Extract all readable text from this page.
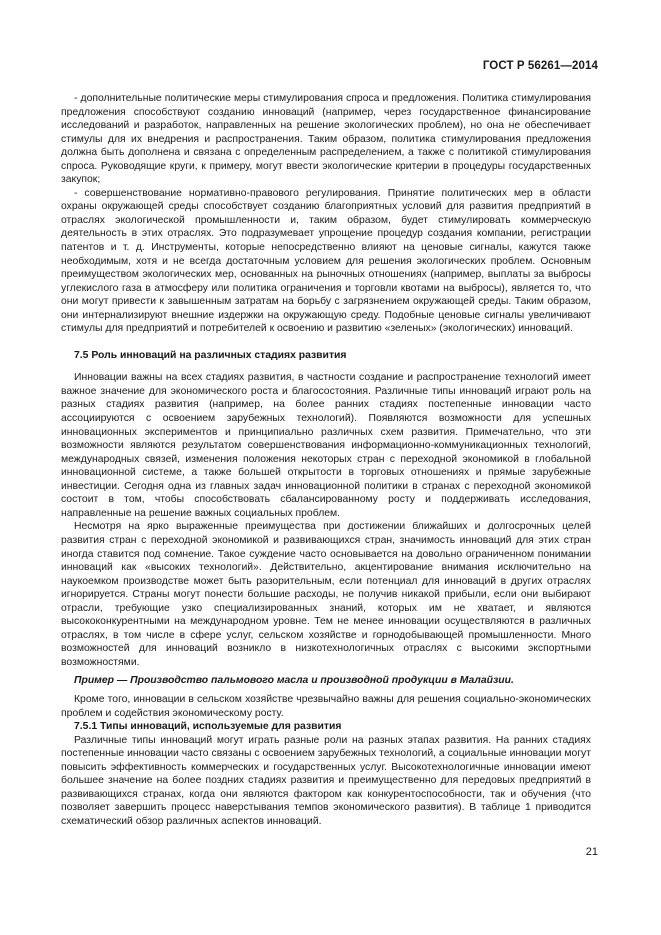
ГОСТ Р 56261—2014

- дополнительные политические меры стимулирования спроса и предложения. Политика стимулирования предложения способствуют созданию инноваций (например, через государственное финансирование исследований и разработок, направленных на решение экологических проблем), но она не обеспечивает стимулы для их внедрения и распространения. Таким образом, политика стимулирования предложения должна быть дополнена и связана с определенным распределением, а также с политикой стимулирования спроса. Руководящие круги, к примеру, могут ввести экологические критерии в процедуры государственных закупок;

- совершенствование нормативно-правового регулирования. Принятие политических мер в области охраны окружающей среды способствует созданию благоприятных условий для развития предприятий в отраслях экологической промышленности и, таким образом, будет стимулировать коммерческую деятельность в этих отраслях. Это подразумевает упрощение процедур создания компании, регистрации патентов и т. д. Инструменты, которые непосредственно влияют на ценовые сигналы, кажутся также необходимым, хотя и не всегда достаточным условием для решения экологических проблем. Основным преимуществом экологических мер, основанных на рыночных отношениях (например, выплаты за выбросы углекислого газа в атмосферу или политика ограничения и торговли квотами на выбросы), является то, что они могут привести к завышенным затратам на борьбу с загрязнением окружающей среды. Таким образом, они интернализируют внешние издержки на окружающую среду. Подобные ценовые сигналы увеличивают стимулы для предприятий и потребителей к освоению и развитию «зеленых» (экологических) инноваций.

7.5 Роль инноваций на различных стадиях развития

Инновации важны на всех стадиях развития, в частности создание и распространение технологий имеет важное значение для экономического роста и благосостояния. Различные типы инноваций играют роль на разных стадиях развития (например, на более ранних стадиях постепенные инновации часто ассоциируются с освоением зарубежных технологий). Появляются возможности для успешных инновационных экспериментов и принципиально различных схем развития. Примечательно, что эти возможности являются результатом совершенствования информационно-коммуникационных технологий, международных связей, изменения положения некоторых стран с переходной экономикой в глобальной инновационной системе, а также большей открытости в торговых отношениях и прямые зарубежные инвестиции. Сегодня одна из главных задач инновационной политики в странах с переходной экономикой состоит в том, чтобы способствовать сбалансированному росту и поддерживать исследования, направленные на решение важных социальных проблем.

Несмотря на ярко выраженные преимущества при достижении ближайших и долгосрочных целей развития стран с переходной экономикой и развивающихся стран, значимость инноваций для этих стран иногда ставится под сомнение. Такое суждение часто основывается на довольно ограниченном понимании инноваций как «высоких технологий». Действительно, акцентирование внимания исключительно на наукоемком производстве может быть разорительным, если потенциал для инноваций в других отраслях игнорируется. Страны могут понести большие расходы, не получив никакой прибыли, если они выбирают отрасли, требующие узко специализированных знаний, которых им не хватает, и являются высококонкурентными на международном уровне. Тем не менее инновации осуществляются в различных отраслях, в том числе в сфере услуг, сельском хозяйстве и горнодобывающей промышленности. Много возможностей для инноваций возникло в низкотехнологичных отраслях с высокими экспортными возможностями.

Пример — Производство пальмового масла и производной продукции в Малайзии.

Кроме того, инновации в сельском хозяйстве чрезвычайно важны для решения социально-экономических проблем и содействия экономическому росту.

7.5.1 Типы инноваций, используемые для развития

Различные типы инноваций могут играть разные роли на разных этапах развития. На ранних стадиях постепенные инновации часто связаны с освоением зарубежных технологий, а социальные инновации могут повысить эффективность коммерческих и государственных услуг. Высокотехнологичные инновации имеют большее значение на более поздних стадиях развития и преимущественно для передовых предприятий в развивающихся странах, когда они являются фактором как конкурентоспособности, так и обучения (что позволяет завершить процесс наверстывания темпов экономического развития). В таблице 1 приводится схематический обзор различных аспектов инноваций.

21
